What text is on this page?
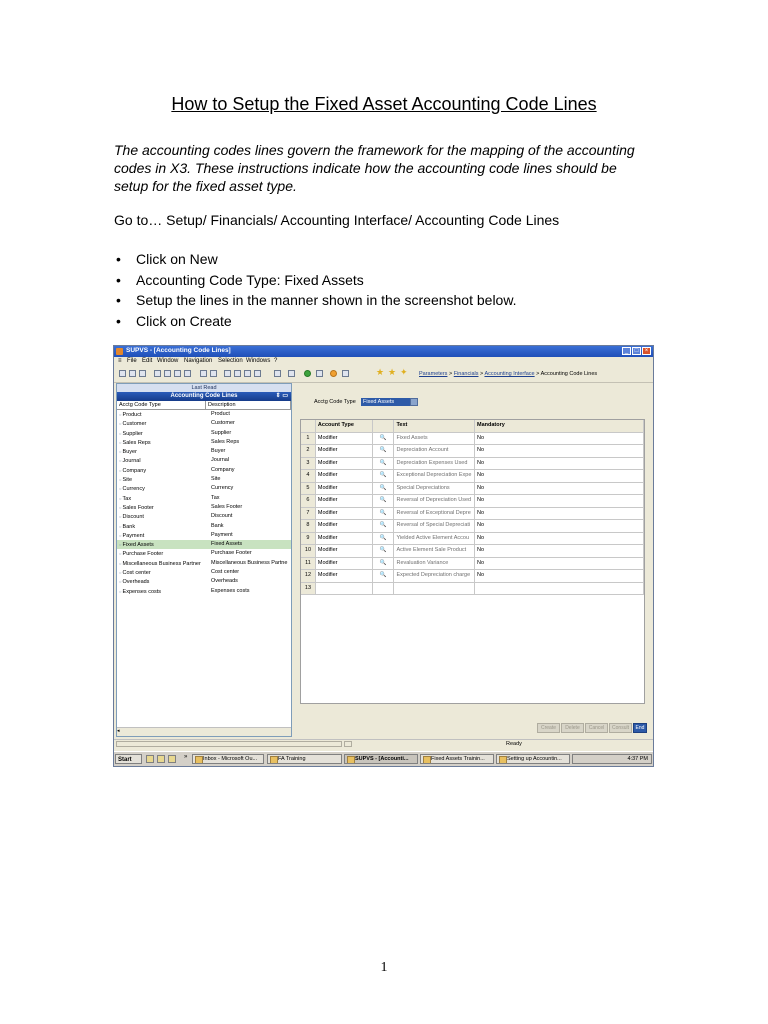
How to Setup the Fixed Asset Accounting Code Lines

The accounting codes lines govern the framework for the mapping of the accounting codes in X3. These instructions indicate how the accounting code lines should be setup for the fixed asset type.

Go to… Setup/ Financials/ Accounting Interface/ Accounting Code Lines

• Click on New
• Accounting Code Type: Fixed Assets
• Setup the lines in the manner shown in the screenshot below.
• Click on Create
SUPVS - [Accounting Code Lines]	_	□	×
≡ File Edit Window Navigation Selection Windows ?
★ ★ ✦ Parameters > Financials > Accounting Interface > Accounting Code Lines
Last Read
Accounting Code Lines	⇕ ▭
Acctg Code Type	Description
○ Product	Product
○ Customer	Customer
○ Supplier	Supplier
○ Sales Reps	Sales Reps
○ Buyer	Buyer
○ Journal	Journal
○ Company	Company
○ Site	Site
○ Currency	Currency
○ Tax	Tax
○ Sales Footer	Sales Footer
○ Discount	Discount
○ Bank	Bank
○ Payment	Payment
○ Fixed Assets	Fixed Assets
○ Purchase Footer	Purchase Footer
○ Miscellaneous Business Partner	Miscellaneous Business Partne
○ Cost center	Cost center
○ Overheads	Overheads
○ Expenses costs	Expenses costs
◂
Acctg Code Type	Fixed Assets
Account Type	Text	Mandatory
1	Modifier	🔍	Fixed Assets	No
2	Modifier	🔍	Depreciation Account	No
3	Modifier	🔍	Depreciation Expenses Used	No
4	Modifier	🔍	Exceptional Depreciation Expe	No
5	Modifier	🔍	Special Depreciations	No
6	Modifier	🔍	Reversal of Depreciation Used	No
7	Modifier	🔍	Reversal of Exceptional Depre	No
8	Modifier	🔍	Reversal of Special Depreciati	No
9	Modifier	🔍	Yielded Active Element Accou	No
10	Modifier	🔍	Active Element Sale Product	No
11	Modifier	🔍	Revaluation Variance	No
12	Modifier	🔍	Expected Depreciation charge	No
13
Create	Delete	Cancel	Consult	End
Ready
Start	»	Inbox - Microsoft Ou...	FA Training	SUPVS - [Accounti...	Fixed Assets Trainin...	Setting up Accountin...	4:37 PM
1
